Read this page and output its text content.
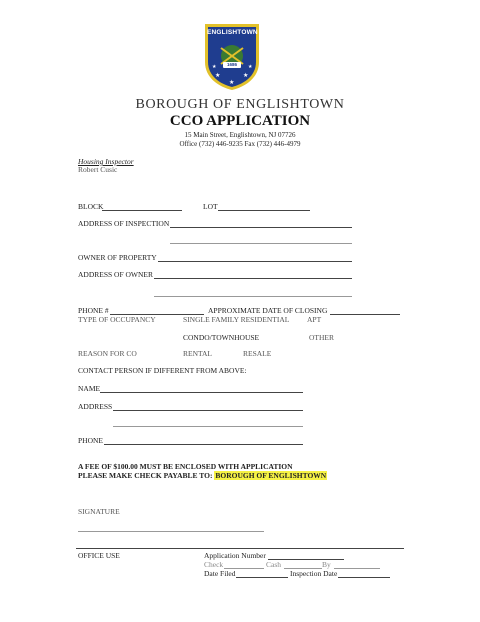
★	★
★
★	★
ENGLISHTOWN
1686
BOROUGH OF ENGLISHTOWN
CCO APPLICATION
15 Main Street, Englishtown, NJ 07726
Office (732) 446-9235 Fax (732) 446-4979
Housing Inspector
Robert Cusic
BLOCK	LOT
ADDRESS OF INSPECTION
OWNER OF PROPERTY
ADDRESS OF OWNER
PHONE #	APPROXIMATE DATE OF CLOSING
TYPE OF OCCUPANCY	SINGLE FAMILY RESIDENTIAL APT
CONDO/TOWNHOUSE	OTHER
REASON FOR CO	RENTAL	RESALE
CONTACT PERSON IF DIFFERENT FROM ABOVE:
NAME
ADDRESS
PHONE
A FEE OF $100.00 MUST BE ENCLOSED WITH APPLICATION
PLEASE MAKE CHECK PAYABLE TO: BOROUGH OF ENGLISHTOWN
SIGNATURE
OFFICE USE	Application Number
Check	Cash	By
Date Filed	Inspection Date
